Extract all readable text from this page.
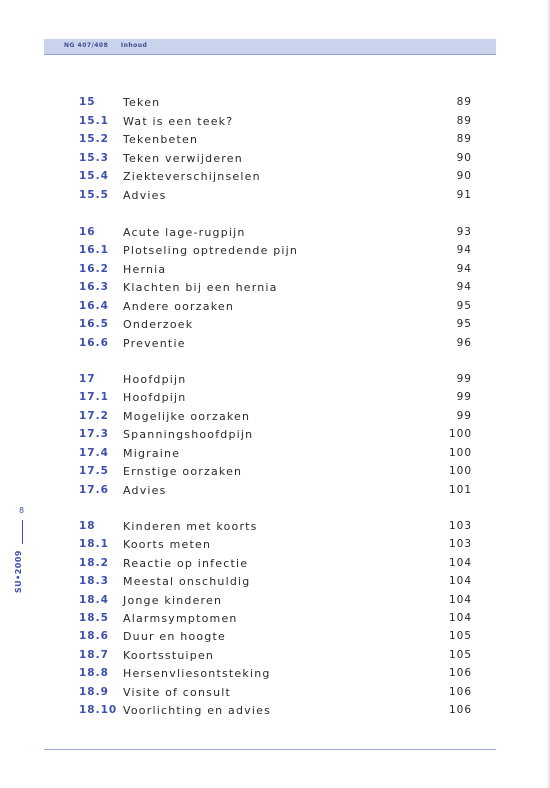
NG 407/408 Inhoud
15 Teken	89
15.1 Wat is een teek?	89
15.2 Tekenbeten	89
15.3 Teken verwijderen	90
15.4 Ziekteverschijnselen	90
15.5 Advies	91
16 Acute lage-rugpijn	93
16.1 Plotseling optredende pijn	94
16.2 Hernia	94
16.3 Klachten bij een hernia	94
16.4 Andere oorzaken	95
16.5 Onderzoek	95
16.6 Preventie	96
17 Hoofdpijn	99
17.1 Hoofdpijn	99
17.2 Mogelijke oorzaken	99
17.3 Spanningshoofdpijn	100
17.4 Migraine	100
17.5 Ernstige oorzaken	100
17.6 Advies	101
18 Kinderen met koorts	103
18.1 Koorts meten	103
18.2 Reactie op infectie	104
18.3 Meestal onschuldig	104
18.4 Jonge kinderen	104
18.5 Alarmsymptomen	104
18.6 Duur en hoogte	105
18.7 Koortsstuipen	105
18.8 Hersenvliesontsteking	106
18.9 Visite of consult	106
18.10 Voorlichting en advies	106
8
SU•2009
